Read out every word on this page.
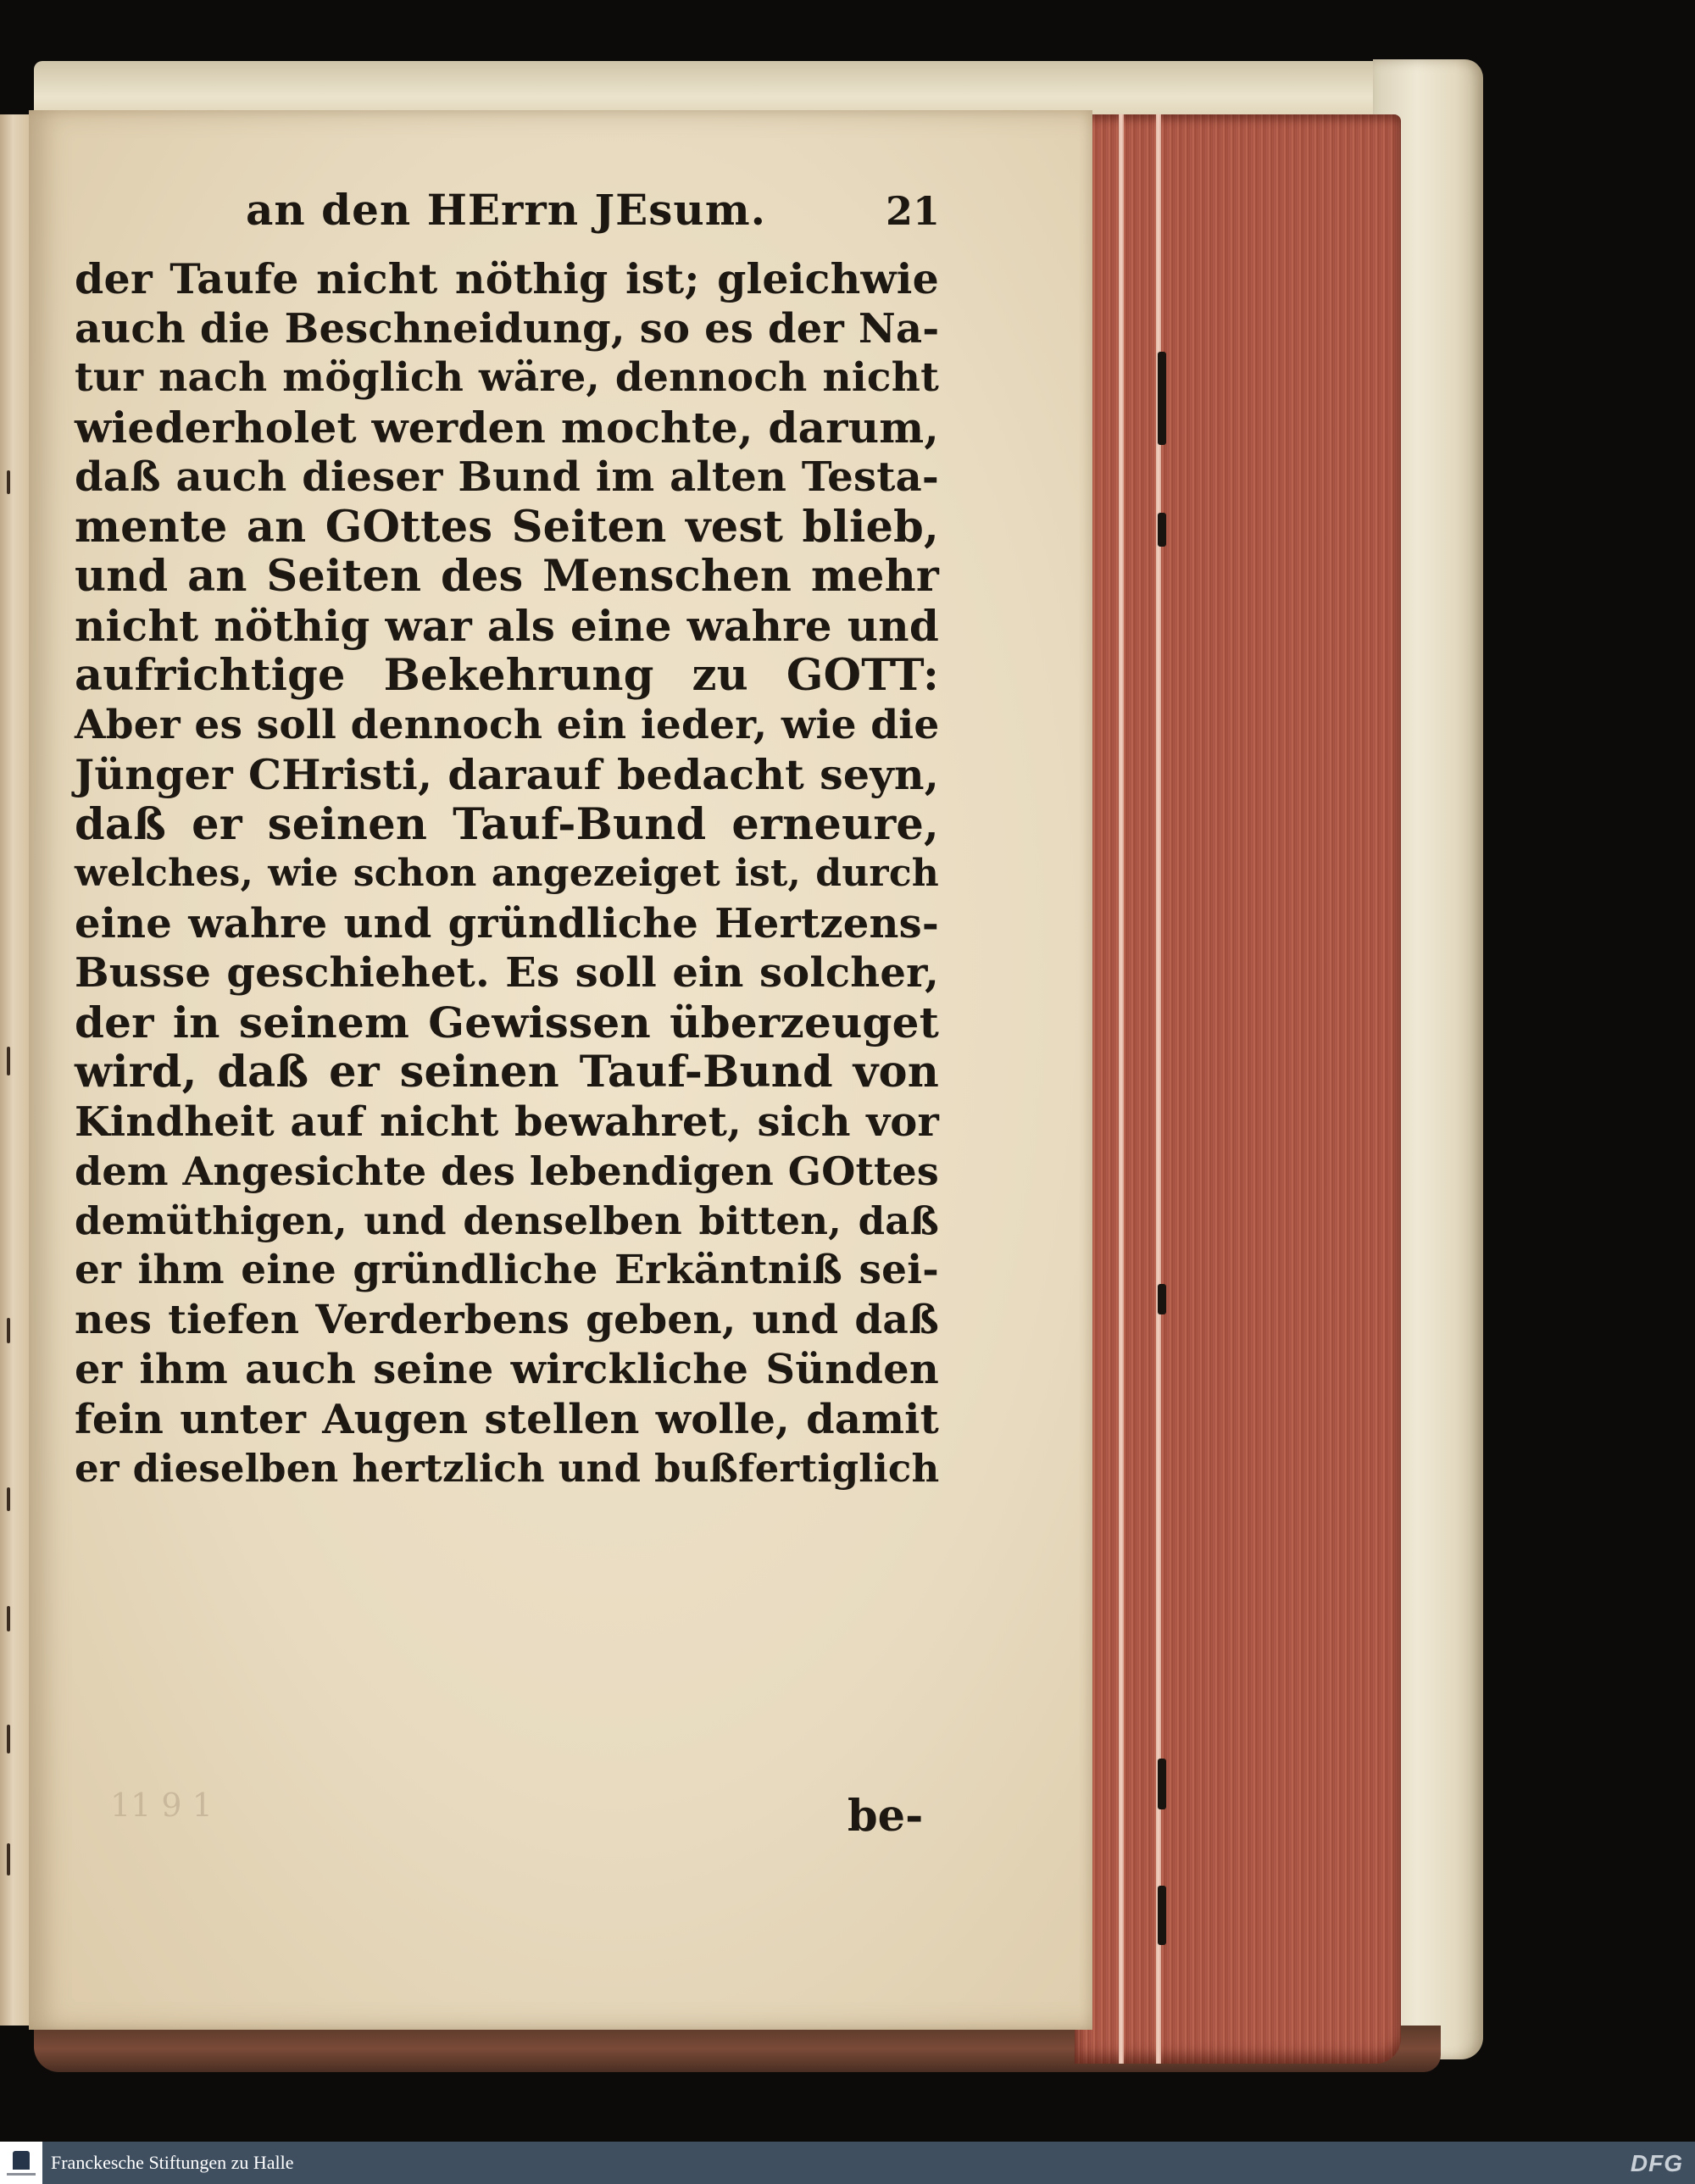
an den HErrn JEsum.	21
der Taufe nicht nöthig ist; gleichwie
auch die Beschneidung, so es der Na-
tur nach möglich wäre, dennoch nicht
wiederholet werden mochte, darum,
daß auch dieser Bund im alten Testa-
mente an GOttes Seiten vest blieb,
und an Seiten des Menschen mehr
nicht nöthig war als eine wahre und
aufrichtige Bekehrung zu GOTT:
Aber es soll dennoch ein ieder, wie die
Jünger CHristi, darauf bedacht seyn,
daß er seinen Tauf-Bund erneure,
welches, wie schon angezeiget ist, durch
eine wahre und gründliche Hertzens-
Busse geschiehet. Es soll ein solcher,
der in seinem Gewissen überzeuget
wird, daß er seinen Tauf-Bund von
Kindheit auf nicht bewahret, sich vor
dem Angesichte des lebendigen GOttes
demüthigen, und denselben bitten, daß
er ihm eine gründliche Erkäntniß sei-
nes tiefen Verderbens geben, und daß
er ihm auch seine wirckliche Sünden
fein unter Augen stellen wolle, damit
er dieselben hertzlich und bußfertiglich
11 9 1	be-
Franckesche Stiftungen zu Halle	DFG
